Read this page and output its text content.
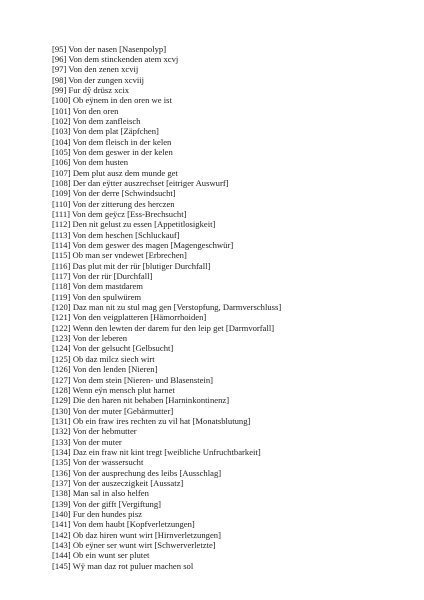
[95] Von der nasen [Nasenpolyp]
[96] Von dem stinckenden atem xcvj
[97] Von den zenen xcvij
[98] Von der zungen xcviij
[99] Fur dŷ drüsz xcix
[100] Ob eÿnem in den oren we ist
[101] Von den oren
[102] Von dem zanfleisch
[103] Von dem plat [Zäpfchen]
[104] Von dem fleisch in der kelen
[105] Von dem geswer in der kelen
[106] Von dem husten
[107] Dem plut ausz dem munde get
[108] Der dan eÿtter auszrechset [eitriger Auswurf]
[109] Von der derre [Schwindsucht]
[110] Von der zitterung des herczen
[111] Von dem geÿcz [Ess-Brechsucht]
[112] Den nit gelust zu essen [Appetitlosigkeit]
[113] Von dem heschen [Schluckauf]
[114] Von dem geswer des magen [Magengeschwür]
[115] Ob man ser vndewet [Erbrechen]
[116] Das plut mit der rür [blutiger Durchfall]
[117] Von der rür [Durchfall]
[118] Von dem mastdarem
[119] Von den spulwürem
[120] Daz man nit zu stul mag gen [Verstopfung, Darmverschluss]
[121] Von den veigplatteren [Hämorrhoiden]
[122] Wenn den lewten der darem fur den leip get [Darmvorfall]
[123] Von der leberen
[124] Von der gelsucht [Gelbsucht]
[125] Ob daz milcz siech wirt
[126] Von den lenden [Nieren]
[127] Von dem stein [Nieren- und Blasenstein]
[128] Wenn eÿn mensch plut harnet
[129] Die den haren nit behaben [Harninkontinenz]
[130] Von der muter [Gebärmutter]
[131] Ob ein fraw ires rechten zu vil hat [Monatsblutung]
[132] Von der hebmutter
[133] Von der muter
[134] Daz ein fraw nit kint tregt [weibliche Unfruchtbarkeit]
[135] Von der wassersucht
[136] Von der ausprechung des leibs [Ausschlag]
[137] Von der auszeczigkeit [Aussatz]
[138] Man sal in also helfen
[139] Von der gifft [Vergiftung]
[140] Fur den hundes pisz
[141] Von dem haubt [Kopfverletzungen]
[142] Ob daz hiren wunt wirt [Hirnverletzungen]
[143] Ob eÿner ser wunt wirt [Schwerverletzte]
[144] Ob ein wunt ser plutet
[145] Wÿ man daz rot puluer machen sol
